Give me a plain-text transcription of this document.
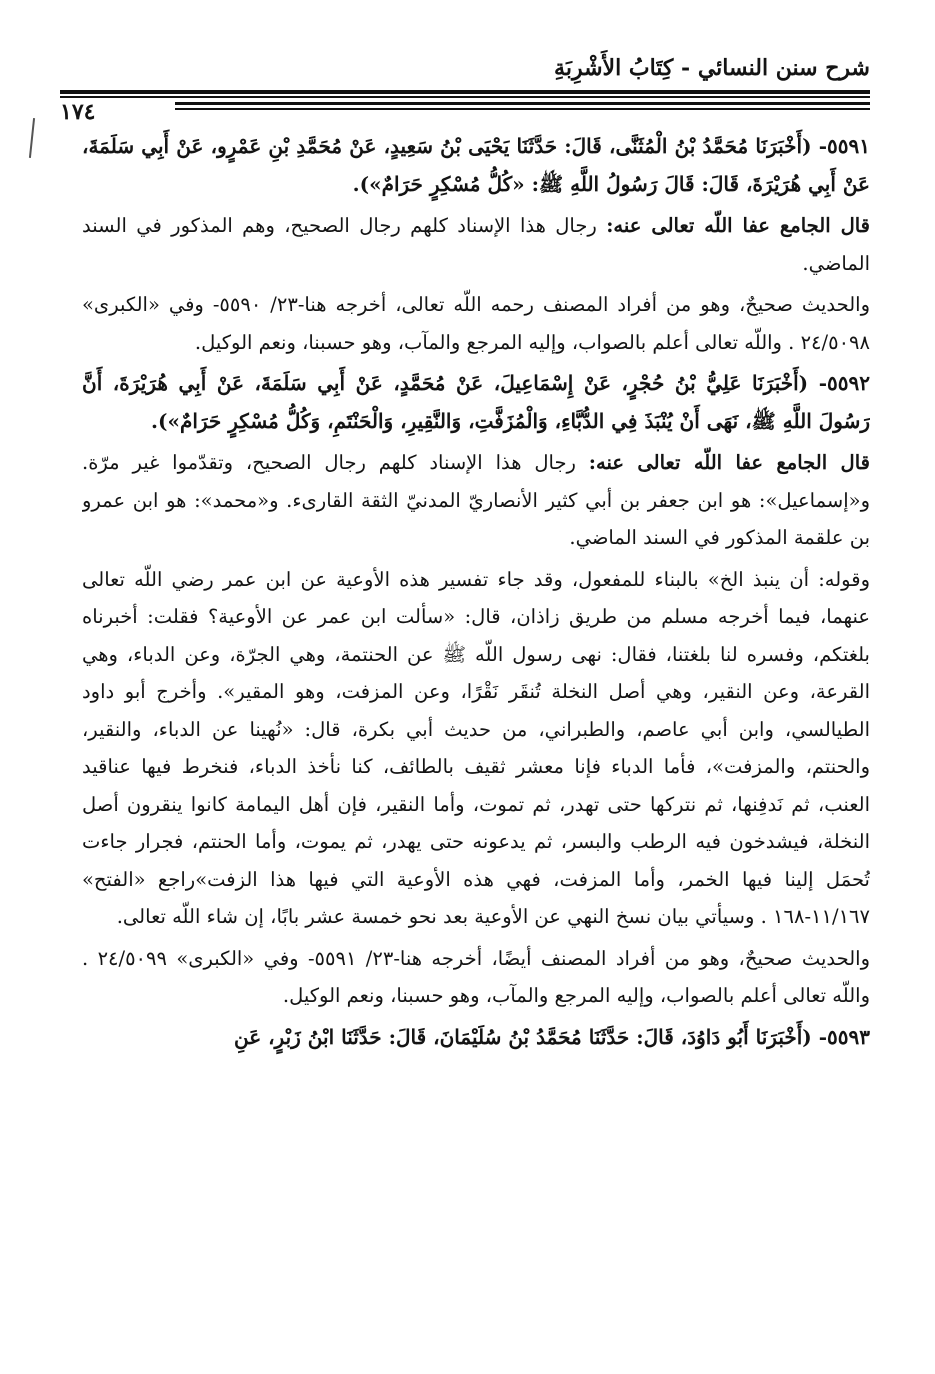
شرح سنن النسائي - كِتَابُ الأَشْرِبَةِ
١٧٤

٥٥٩١- (أَخْبَرَنَا مُحَمَّدُ بْنُ الْمُثَنَّى، قَالَ: حَدَّثَنَا يَحْيَى بْنُ سَعِيدٍ، عَنْ مُحَمَّدِ بْنِ عَمْرٍو، عَنْ أَبِي سَلَمَةَ، عَنْ أَبِي هُرَيْرَةَ، قَالَ: قَالَ رَسُولُ اللَّهِ ﷺ: «كُلُّ مُسْكِرٍ حَرَامٌ»).

قال الجامع عفا اللّه تعالى عنه: رجال هذا الإسناد كلهم رجال الصحيح، وهم المذكور في السند الماضي.

والحديث صحيحٌ، وهو من أفراد المصنف رحمه اللّه تعالى، أخرجه هنا-٢٣/ ٥٥٩٠- وفي «الكبرى» ٢٤/٥٠٩٨ . واللّه تعالى أعلم بالصواب، وإليه المرجع والمآب، وهو حسبنا، ونعم الوكيل.

٥٥٩٢- (أَخْبَرَنَا عَلِيُّ بْنُ حُجْرٍ، عَنْ إِسْمَاعِيلَ، عَنْ مُحَمَّدٍ، عَنْ أَبِي سَلَمَةَ، عَنْ أَبِي هُرَيْرَةَ، أَنَّ رَسُولَ اللَّهِ ﷺ، نَهَى أَنْ يُنْبَذَ فِي الدُّبَّاءِ، وَالْمُزَفَّتِ، وَالنَّقِيرِ، وَالْحَنْتَمِ، وَكُلُّ مُسْكِرٍ حَرَامٌ»).

قال الجامع عفا اللّه تعالى عنه: رجال هذا الإسناد كلهم رجال الصحيح، وتقدّموا غير مرّة. و«إسماعيل»: هو ابن جعفر بن أبي كثير الأنصاريّ المدنيّ الثقة القارىء. و«محمد»: هو ابن عمرو بن علقمة المذكور في السند الماضي.

وقوله: أن ينبذ الخ» بالبناء للمفعول، وقد جاء تفسير هذه الأوعية عن ابن عمر رضي اللّه تعالى عنهما، فيما أخرجه مسلم من طريق زاذان، قال: «سألت ابن عمر عن الأوعية؟ فقلت: أخبرناه بلغتكم، وفسره لنا بلغتنا، فقال: نهى رسول اللّه ﷺ عن الحنتمة، وهي الجرّة، وعن الدباء، وهي القرعة، وعن النقير، وهي أصل النخلة تُنقَر نَقْرًا، وعن المزفت، وهو المقير». وأخرج أبو داود الطيالسي، وابن أبي عاصم، والطبراني، من حديث أبي بكرة، قال: «نُهينا عن الدباء، والنقير، والحنتم، والمزفت»، فأما الدباء فإنا معشر ثقيف بالطائف، كنا نأخذ الدباء، فنخرط فيها عناقيد العنب، ثم نَدفِنها، ثم نتركها حتى تهدر، ثم تموت، وأما النقير، فإن أهل اليمامة كانوا ينقرون أصل النخلة، فيشدخون فيه الرطب والبسر، ثم يدعونه حتى يهدر، ثم يموت، وأما الحنتم، فجرار جاءت تُحمَل إلينا فيها الخمر، وأما المزفت، فهي هذه الأوعية التي فيها هذا الزفت»راجع «الفتح» ١١/١٦٧-١٦٨ . وسيأتي بيان نسخ النهي عن الأوعية بعد نحو خمسة عشر بابًا، إن شاء اللّه تعالى.

والحديث صحيحٌ، وهو من أفراد المصنف أيضًا، أخرجه هنا-٢٣/ ٥٥٩١- وفي «الكبرى» ٢٤/٥٠٩٩ . واللّه تعالى أعلم بالصواب، وإليه المرجع والمآب، وهو حسبنا، ونعم الوكيل.

٥٥٩٣- (أَخْبَرَنَا أَبُو دَاوُدَ، قَالَ: حَدَّثَنَا مُحَمَّدُ بْنُ سُلَيْمَانَ، قَالَ: حَدَّثَنَا ابْنُ زَبْرٍ، عَنِ
